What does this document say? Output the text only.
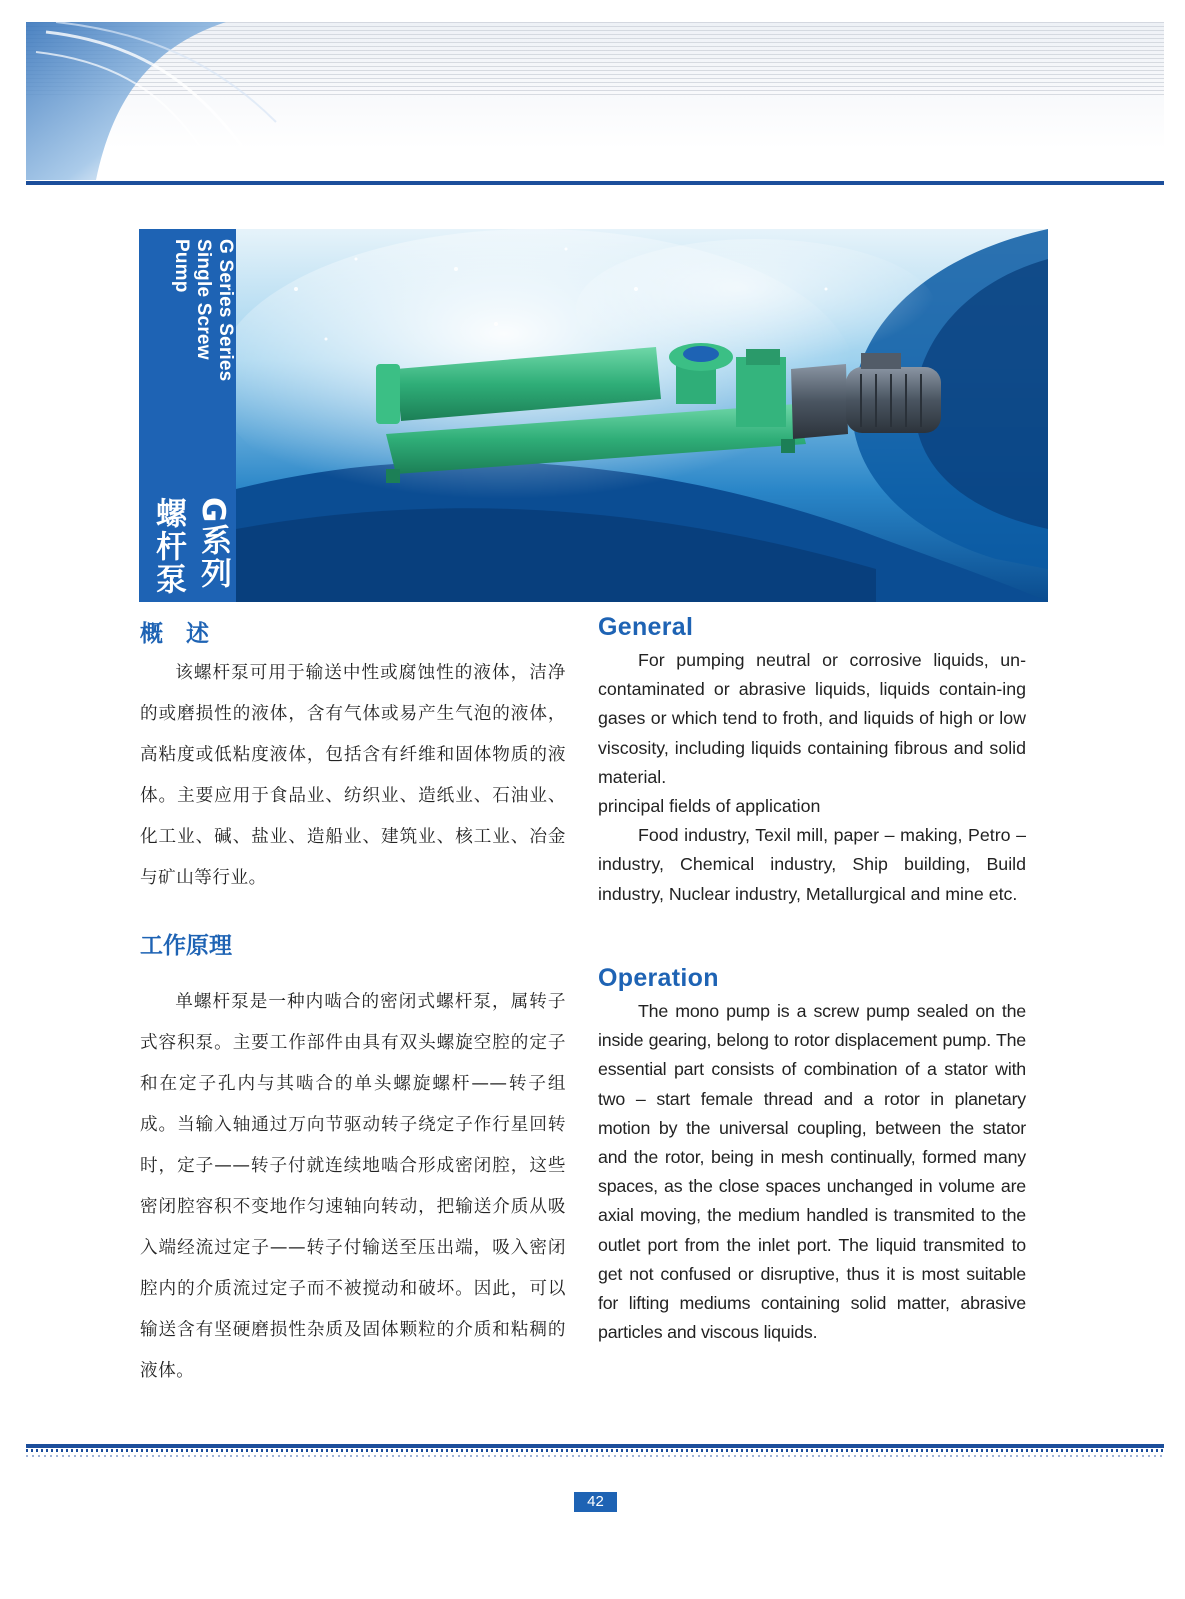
G Series Series Single Screw Pump
G系列螺杆泵
概　述

该螺杆泵可用于输送中性或腐蚀性的液体，洁净的或磨损性的液体，含有气体或易产生气泡的液体，高粘度或低粘度液体，包括含有纤维和固体物质的液体。主要应用于食品业、纺织业、造纸业、石油业、化工业、碱、盐业、造船业、建筑业、核工业、冶金与矿山等行业。

工作原理

单螺杆泵是一种内啮合的密闭式螺杆泵，属转子式容积泵。主要工作部件由具有双头螺旋空腔的定子和在定子孔内与其啮合的单头螺旋螺杆——转子组成。当输入轴通过万向节驱动转子绕定子作行星回转时，定子——转子付就连续地啮合形成密闭腔，这些密闭腔容积不变地作匀速轴向转动，把输送介质从吸入端经流过定子——转子付输送至压出端，吸入密闭腔内的介质流过定子而不被搅动和破坏。因此，可以输送含有坚硬磨损性杂质及固体颗粒的介质和粘稠的液体。

General
For pumping neutral or corrosive liquids, un-contaminated or abrasive liquids, liquids contain-ing gases or which tend to froth, and liquids of high or low viscosity, including liquids containing fibrous and solid material.
principal fields of application
Food industry, Texil mill, paper – making, Petro – industry, Chemical industry, Ship building, Build industry, Nuclear industry, Metallurgical and mine etc.
Operation

The mono pump is a screw pump sealed on the inside gearing, belong to rotor displacement pump. The essential part consists of combination of a stator with two – start female thread and a rotor in planetary motion by the universal coupling, between the stator and the rotor, being in mesh continually, formed many spaces, as the close spaces unchanged in volume are axial moving, the medium handled is transmited to the outlet port from the inlet port. The liquid transmited to get not confused or disruptive, thus it is most suitable for lifting mediums containing solid matter, abrasive particles and viscous liquids.

42
